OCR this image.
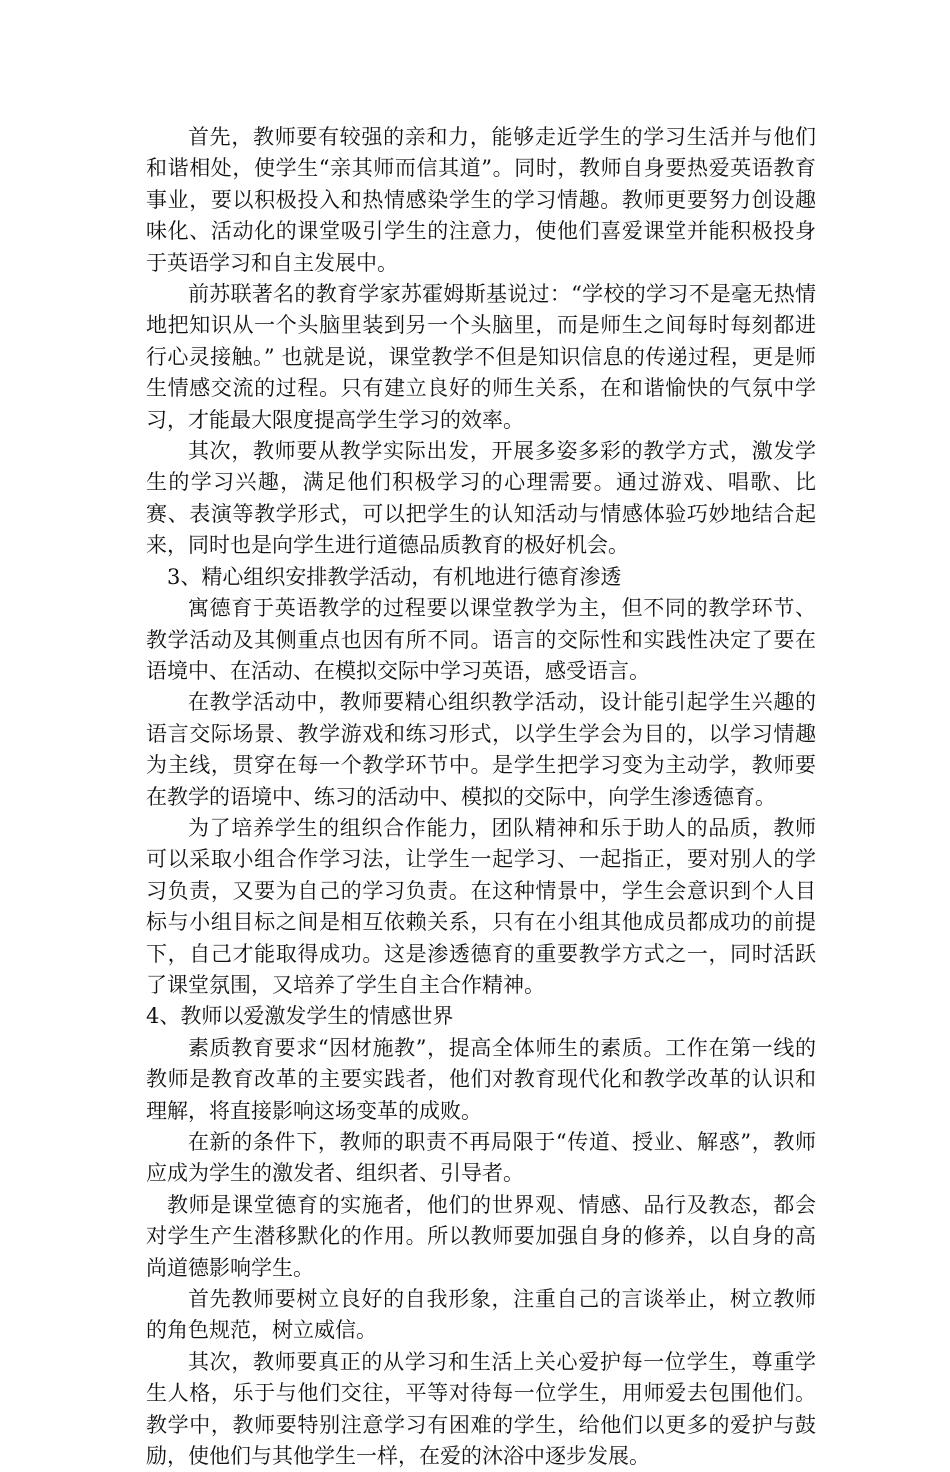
首先，教师要有较强的亲和力，能够走近学生的学习生活并与他们和谐相处，使学生“亲其师而信其道”。同时，教师自身要热爱英语教育事业，要以积极投入和热情感染学生的学习情趣。教师更要努力创设趣味化、活动化的课堂吸引学生的注意力，使他们喜爱课堂并能积极投身于英语学习和自主发展中。

前苏联著名的教育学家苏霍姆斯基说过：“学校的学习不是毫无热情地把知识从一个头脑里装到另一个头脑里，而是师生之间每时每刻都进行心灵接触。” 也就是说，课堂教学不但是知识信息的传递过程，更是师生情感交流的过程。只有建立良好的师生关系，在和谐愉快的气氛中学习，才能最大限度提高学生学习的效率。

其次，教师要从教学实际出发，开展多姿多彩的教学方式，激发学生的学习兴趣，满足他们积极学习的心理需要。通过游戏、唱歌、比赛、表演等教学形式，可以把学生的认知活动与情感体验巧妙地结合起来，同时也是向学生进行道德品质教育的极好机会。

3、精心组织安排教学活动，有机地进行德育渗透

寓德育于英语教学的过程要以课堂教学为主，但不同的教学环节、教学活动及其侧重点也因有所不同。语言的交际性和实践性决定了要在语境中、在活动、在模拟交际中学习英语，感受语言。

在教学活动中，教师要精心组织教学活动，设计能引起学生兴趣的语言交际场景、教学游戏和练习形式，以学生学会为目的，以学习情趣为主线，贯穿在每一个教学环节中。是学生把学习变为主动学，教师要在教学的语境中、练习的活动中、模拟的交际中，向学生渗透德育。

为了培养学生的组织合作能力，团队精神和乐于助人的品质，教师可以采取小组合作学习法，让学生一起学习、一起指正，要对别人的学习负责，又要为自己的学习负责。在这种情景中，学生会意识到个人目标与小组目标之间是相互依赖关系，只有在小组其他成员都成功的前提下，自己才能取得成功。这是渗透德育的重要教学方式之一，同时活跃了课堂氛围，又培养了学生自主合作精神。

4、教师以爱激发学生的情感世界

素质教育要求“因材施教”，提高全体师生的素质。工作在第一线的教师是教育改革的主要实践者，他们对教育现代化和教学改革的认识和理解，将直接影响这场变革的成败。

在新的条件下，教师的职责不再局限于“传道、授业、解惑”，教师应成为学生的激发者、组织者、引导者。

教师是课堂德育的实施者，他们的世界观、情感、品行及教态，都会对学生产生潜移默化的作用。所以教师要加强自身的修养，以自身的高尚道德影响学生。

首先教师要树立良好的自我形象，注重自己的言谈举止，树立教师的角色规范，树立威信。

其次，教师要真正的从学习和生活上关心爱护每一位学生，尊重学生人格，乐于与他们交往，平等对待每一位学生，用师爱去包围他们。教学中，教师要特别注意学习有困难的学生，给他们以更多的爱护与鼓励，使他们与其他学生一样，在爱的沐浴中逐步发展。
